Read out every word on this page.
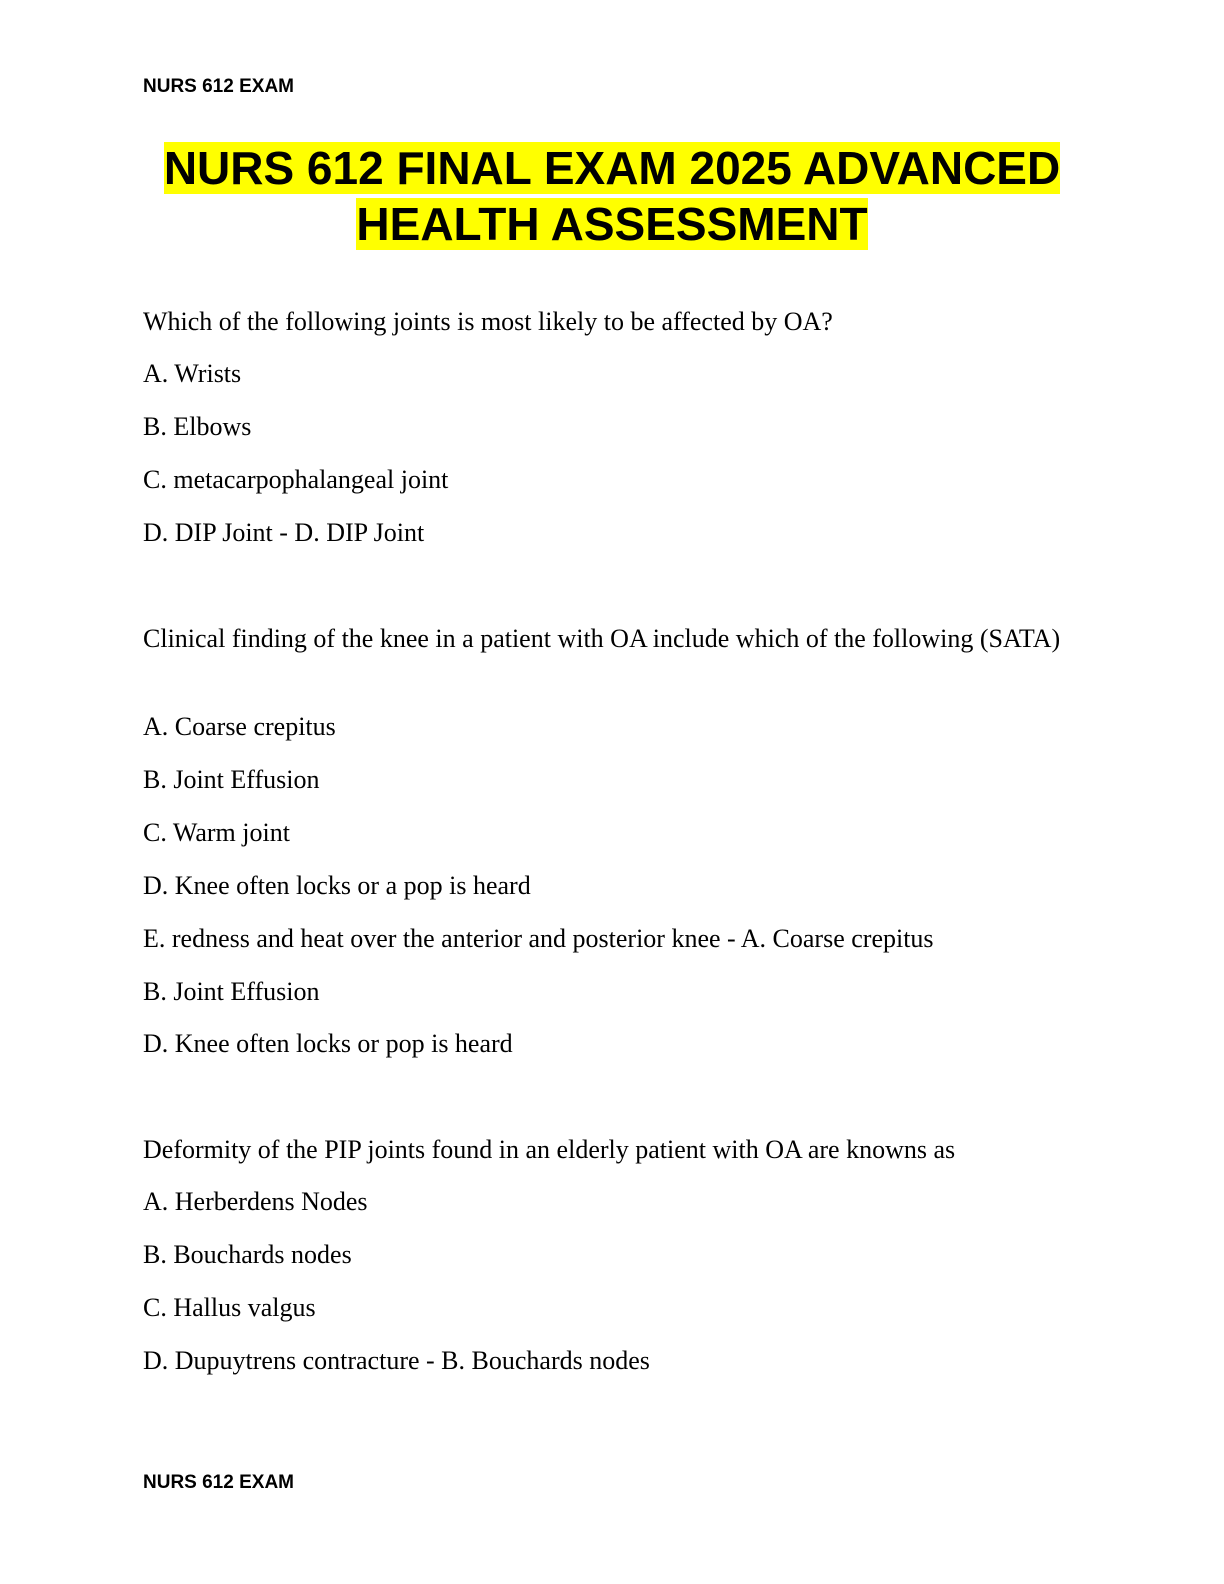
NURS 612 EXAM

NURS 612 FINAL EXAM 2025 ADVANCED
HEALTH ASSESSMENT

Which of the following joints is most likely to be affected by OA?

A. Wrists

B. Elbows

C. metacarpophalangeal joint

D. DIP Joint - D. DIP Joint

Clinical finding of the knee in a patient with OA include which of the following (SATA)

A. Coarse crepitus

B. Joint Effusion

C. Warm joint

D. Knee often locks or a pop is heard

E. redness and heat over the anterior and posterior knee - A. Coarse crepitus

B. Joint Effusion

D. Knee often locks or pop is heard

Deformity of the PIP joints found in an elderly patient with OA are knowns as

A. Herberdens Nodes

B. Bouchards nodes

C. Hallus valgus

D. Dupuytrens contracture - B. Bouchards nodes

NURS 612 EXAM
